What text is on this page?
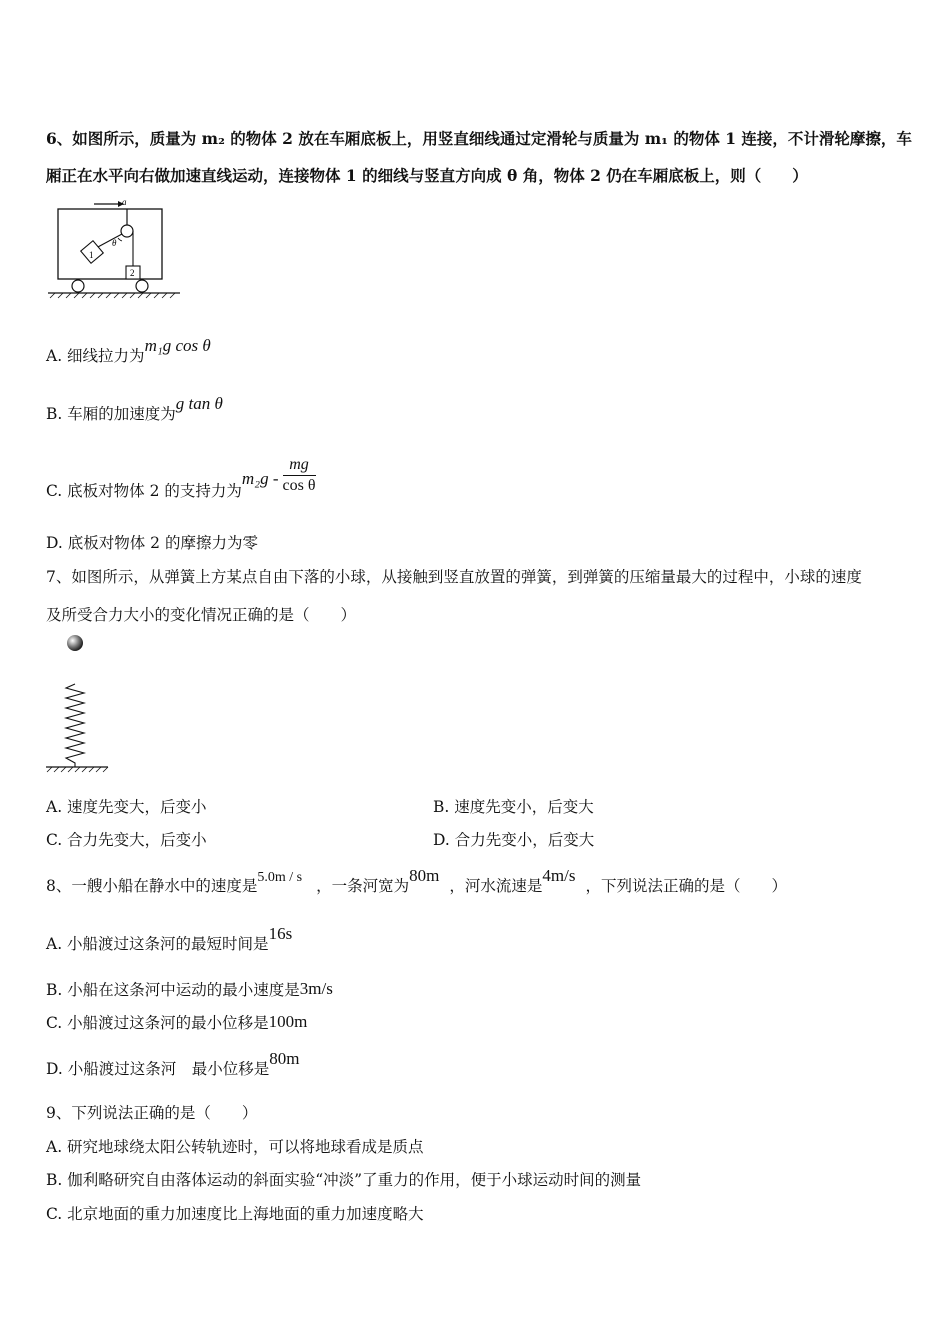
6、如图所示，质量为 m₂ 的物体 2 放在车厢底板上，用竖直细线通过定滑轮与质量为 m₁ 的物体 1 连接，不计滑轮摩擦，车
厢正在水平向右做加速直线运动，连接物体 1 的细线与竖直方向成 θ 角，物体 2 仍在车厢底板上，则（　　）
a
θ
1
2
A. 细线拉力为m₁g cos θ
B. 车厢的加速度为g tan θ
C. 底板对物体 2 的支持力为$m_2g - \frac{mg}{\text{cos θ}}$
D. 底板对物体 2 的摩擦力为零
7、如图所示，从弹簧上方某点自由下落的小球，从接触到竖直放置的弹簧，到弹簧的压缩量最大的过程中，小球的速度
及所受合力大小的变化情况正确的是（　　）
A. 速度先变大，后变小	B. 速度先变小，后变大
C. 合力先变大，后变小	D. 合力先变小，后变大
8、一艘小船在静水中的速度是5.0m / s ，一条河宽为80m，河水流速是4m/s，下列说法正确的是（　　）
A. 小船渡过这条河的最短时间是16s
B. 小船在这条河中运动的最小速度是3m/s
C. 小船渡过这条河的最小位移是100m
D. 小船渡过这条河　最小位移是80m
9、下列说法正确的是（　　）
A. 研究地球绕太阳公转轨迹时，可以将地球看成是质点
B. 伽利略研究自由落体运动的斜面实验“冲淡”了重力的作用，便于小球运动时间的测量
C. 北京地面的重力加速度比上海地面的重力加速度略大
